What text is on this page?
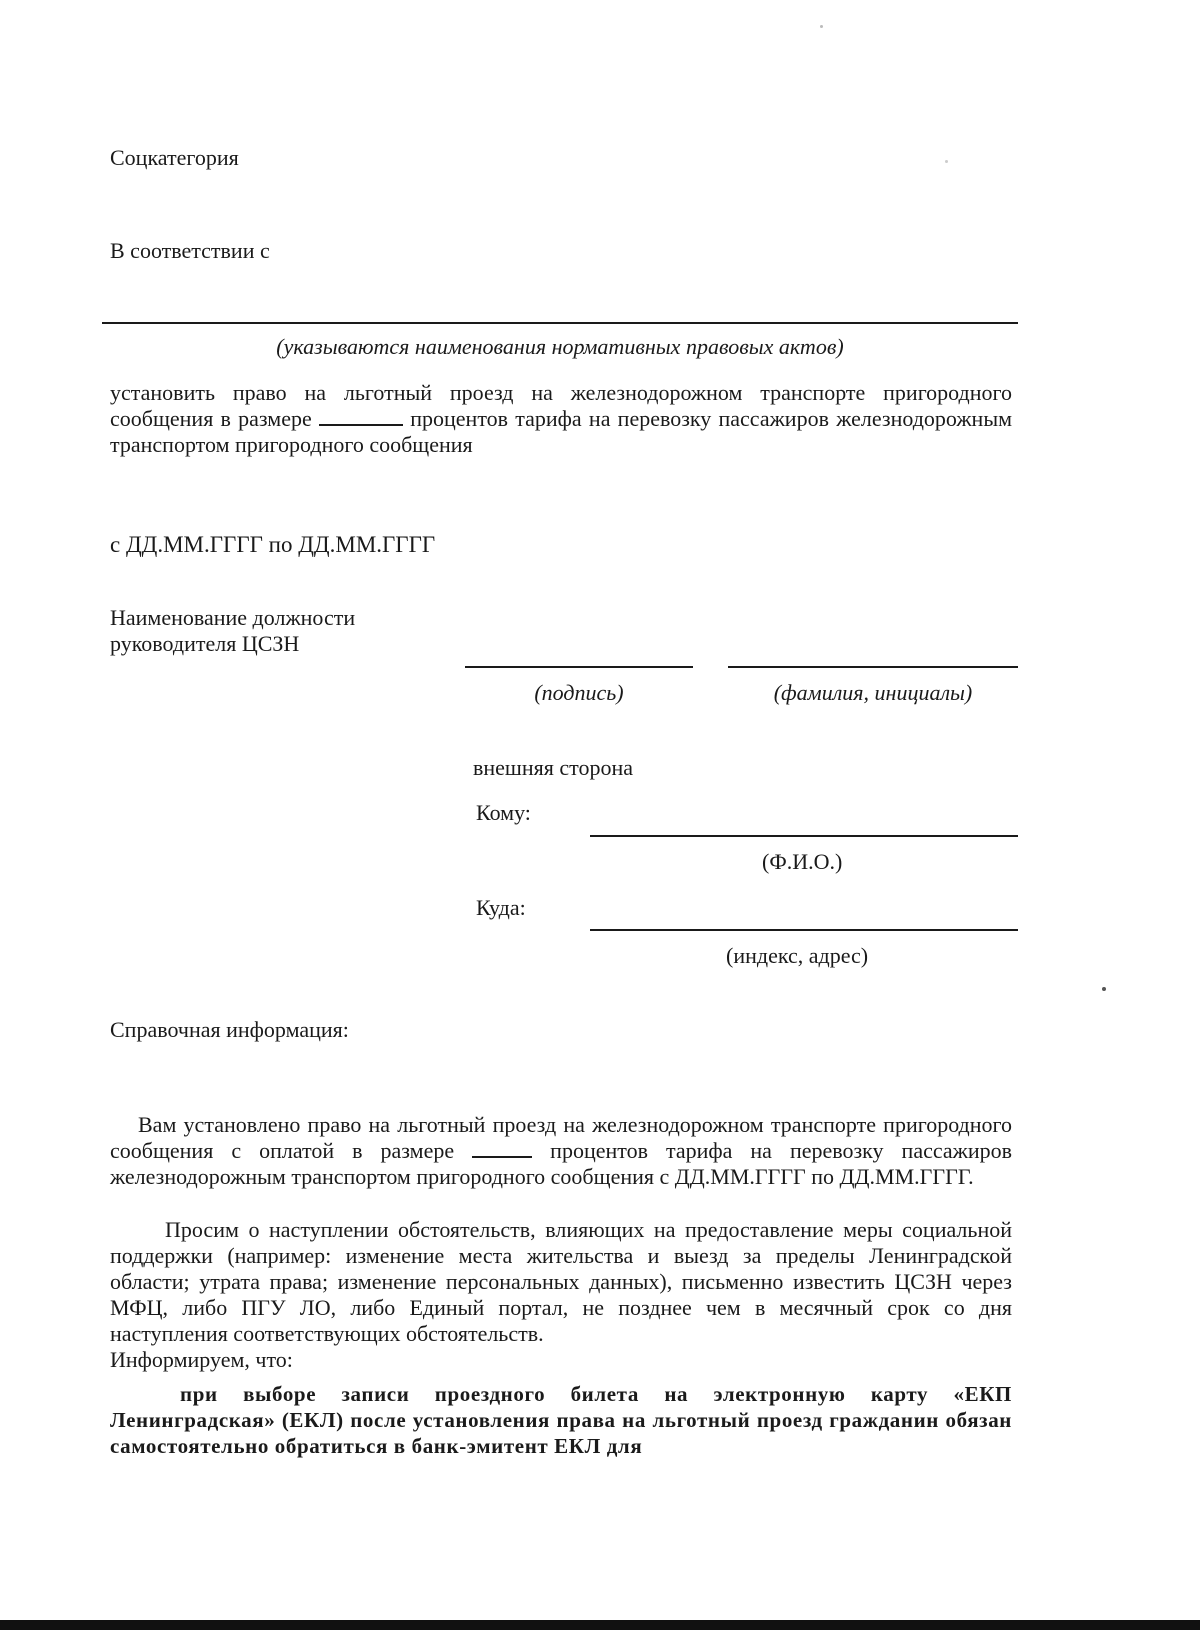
Соцкатегория
В соответствии с
(указываются наименования нормативных правовых актов)
установить право на льготный проезд на железнодорожном транспорте пригородного сообщения в размере	процентов тарифа на перевозку пассажиров железнодорожным транспортом пригородного сообщения
с ДД.ММ.ГГГГ по ДД.ММ.ГГГГ
Наименование должности
руководителя ЦСЗН
(подпись)	(фамилия, инициалы)
внешняя сторона
Кому:
(Ф.И.О.)
Куда:
(индекс, адрес)
Справочная информация:
Вам установлено право на льготный проезд на железнодорожном транспорте пригородного сообщения с оплатой в размере	процентов тарифа на перевозку пассажиров железнодорожным транспортом пригородного сообщения с ДД.ММ.ГГГГ по ДД.ММ.ГГГГ.
Просим о наступлении обстоятельств, влияющих на предоставление меры социальной поддержки (например: изменение места жительства и выезд за пределы Ленинградской области; утрата права; изменение персональных данных), письменно известить ЦСЗН через МФЦ, либо ПГУ ЛО, либо Единый портал, не позднее чем в месячный срок со дня наступления соответствующих обстоятельств.
Информируем, что:
при выборе записи проездного билета на электронную карту «ЕКП Ленинградская» (ЕКЛ) после установления права на льготный проезд гражданин обязан самостоятельно обратиться в банк-эмитент ЕКЛ для
